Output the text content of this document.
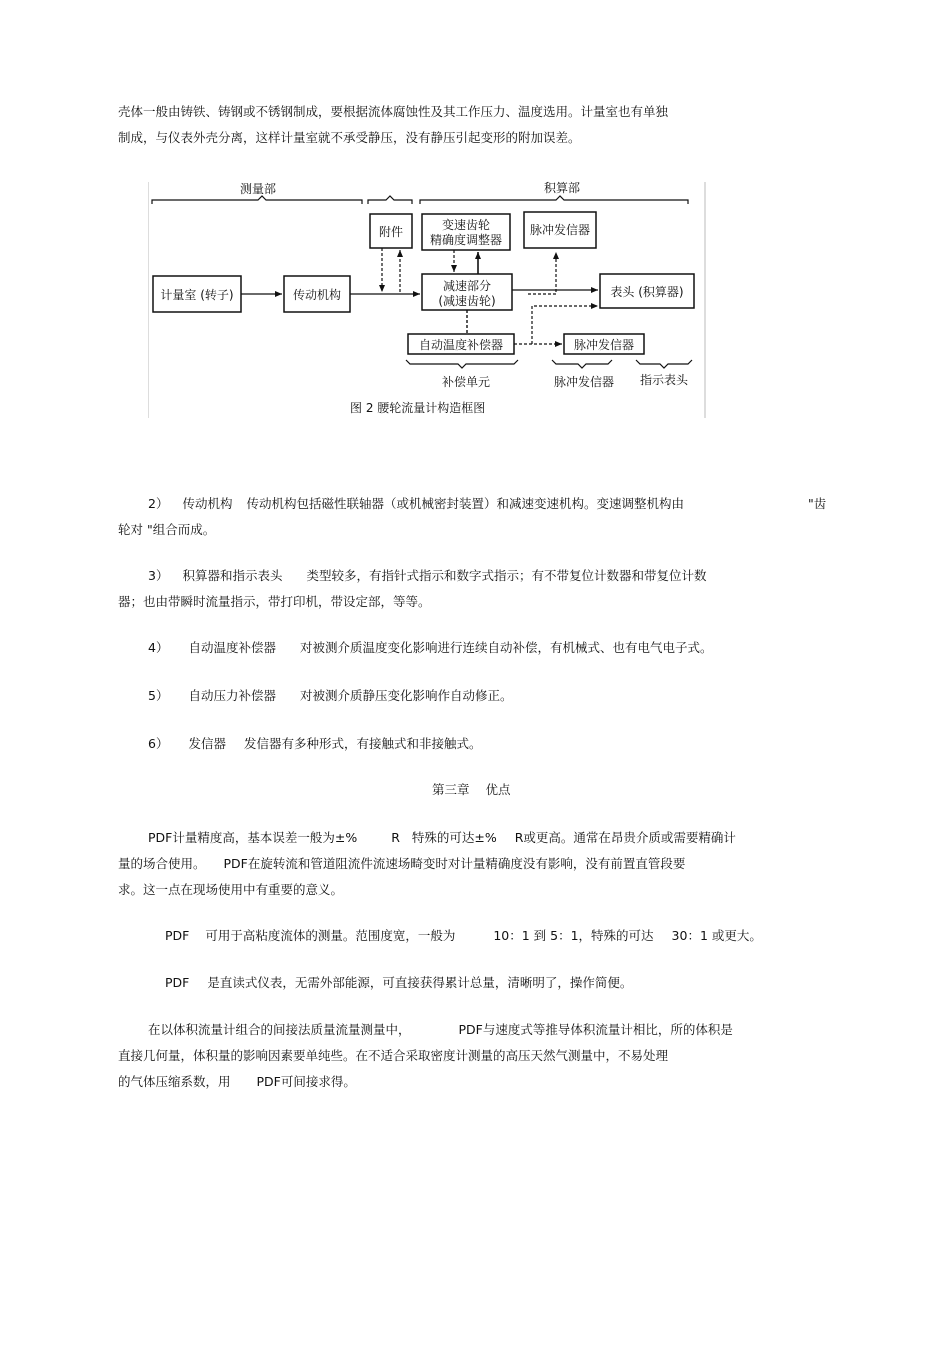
壳体一般由铸铁、铸钢或不锈钢制成，要根据流体腐蚀性及其工作压力、温度选用。计量室也有单独
制成，与仪表外壳分离，这样计量室就不承受静压，没有静压引起变形的附加误差。
测量部	积算部
计量室 (转子)	传动机构
附件	变速齿轮
精确度调整器
脉冲发信器
减速部分
(减速齿轮)
表头 (积算器)
自动温度补偿器	脉冲发信器
补偿单元	脉冲发信器 指示表头
图 2 腰轮流量计构造框图
2） 传动机构 传动机构包括磁性联轴器（或机械密封装置）和减速变速机构。变速调整机构由	"齿
轮对 "组合而成。
3） 积算器和指示表头 类型较多，有指针式指示和数字式指示；有不带复位计数器和带复位计数
器；也由带瞬时流量指示，带打印机，带设定部，等等。
4） 自动温度补偿器 对被测介质温度变化影响进行连续自动补偿，有机械式、也有电气电子式。
5） 自动压力补偿器 对被测介质静压变化影响作自动修正。
6） 发信器 发信器有多种形式，有接触式和非接触式。
第三章 优点
PDF计量精度高，基本误差一般为±%	R 特殊的可达±% R或更高。通常在昂贵介质或需要精确计
量的场合使用。 PDF在旋转流和管道阻流件流速场畸变时对计量精确度没有影响，没有前置直管段要
求。这一点在现场使用中有重要的意义。
PDF 可用于高粘度流体的测量。范围度宽，一般为	10：1 到 5：1，特殊的可达 30：1 或更大。
PDF 是直读式仪表，无需外部能源，可直接获得累计总量，清晰明了，操作简便。
在以体积流量计组合的间接法质量流量测量中，	PDF与速度式等推导体积流量计相比，所的体积是
直接几何量，体积量的影响因素要单纯些。在不适合采取密度计测量的高压天然气测量中，不易处理
的气体压缩系数，用 PDF可间接求得。
